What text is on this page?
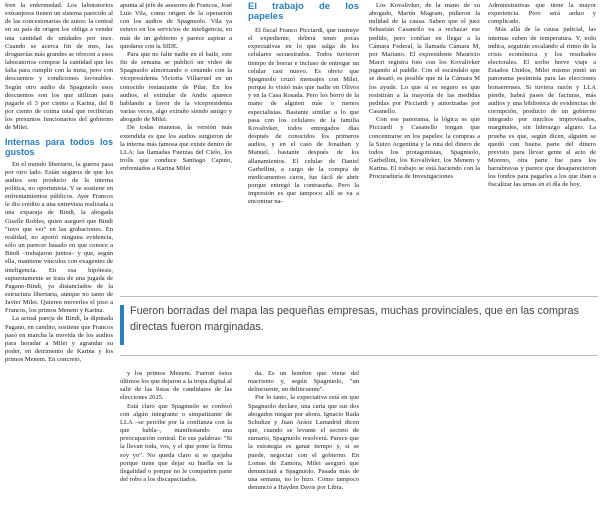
fren la enfermedad. Los laboratorios extranjeros tienen un sistema parecido al de las concesionarias de autos: la central en su país de origen los obliga a vender una cantidad de unidades por mes. Cuando se acerca fin de mes, las droguerías más grandes se ofrecen a esos laboratorios comprar la cantidad que les falta para cumplir con la meta, pero con descuentos y condiciones favorables. Según otro audio de Spagnuolo esos descuentos son los que utilizan para pagarle el 3 por ciento a Karina, del 8 por ciento de coima total que recibirían los presuntos funcionarios del gobierno de Milei.

Internas para todos los gustos

En el mundo libertario, la guerra pasa por otro lado. Están seguros de que los audios son producto de la interna política, no oportunista. Y se sostiene en enfrentamientos públicos. Ayer Francos le dio crédito a una entrevista realizada a una exparaja de Bindi, la abogada Giselle Robles, quien aseguró que Bindi "tuvo que ver" en las grabaciones. En realidad, no aportó ninguna evidencia, sólo un parecer basado en que conoce a Bindi –trabajaron juntos– y que, según ella, mantiene vínculos con exagentes de inteligencia. En esa hipótesis, supuestamente se trata de una jugada de Pagano-Bindi, ya distanciados de la estructura libertaria, aunque no tanto de Javier Milei. Quieren moverles el piso a Francos, los primos Menem y Karina.

La actual pareja de Bindi, la diputada Pagano, en cambio, sostiene que Francos pasó en marcha la movida de los audios para horadar a Milei y agrandar su poder, en detrimento de Karina y los primos Menem. En concreto,

apunta al jefe de asesores de Francos, José Luis Vila, como origen de la operación con los audios de Spagnuolo. Vila ya estuvo en los servicios de inteligencia, en más de un gobierno y parece aspirar a quedarse con la SIDE.

Para que no falte nadie en el baile, este fin de semana se publicó un video de Spagnuolo almorzando o cenando con la vicepresidenta Victoria Villarruel en un conocido restaurante de Pilar. En los audios, el extitular de Andis aparece hablando a favor de la vicepresidenta varias veces, algo extraño siendo amigo y abogado de Milei.

De todas maneras, la versión más extendida es que los audios surgieron de la interna más famosa que existe dentro de LLA: las llamadas Fuerzas del Cielo, los trolls que conduce Santiago Caputo, enfrentados a Karina Milei

El trabajo de los papeles

El fiscal Franco Picciardi, que instruye el expediente, deberá tener pocas expectativas en lo que salga de los celulares secuestrados. Todos tuvieron tiempo de borrar e incluso de entregar un celular casi nuevo. Es obvio que Spagnuolo cruzó mensajes con Milei, porque lo visitó más que nadie en Olivos y en la Casa Rosada. Pero los borró de la mano de alguien más o menos especialistas. Bastante similar a lo que pasa con los celulares de la familia Kovalivker, todos entregados días después de conocidos los primeros audios, y en el caso de Jonathan y Manuel, bastante después de los allanamientos. El celular de Daniel Garbellini, a cargo de la compra de medicamentos caros, fue fácil de abrir porque entregó la contraseña. Pero la impresión es que tampoco allí se va a encontrar na-

Los Kovalivker, de la mano de su abogado, Martín Magram, pidieron la nulidad de la causa. Saben que el juez Sebastián Casanello va a rechazar ese pedido, pero confían en llegar a la Cámara Federal, la llamada Cámara M, por Mariano. El expresidente Mauricio Macri registra foto con los Kovalivker jugando al paddle. Con el escándalo que se desató, es posible que ni la Cámara M los ayude. Lo que sí es seguro es que resistirán a la mayoría de las medidas pedidas por Picciardi y autorizadas por Casanello.

Con ese panorama, la lógica es que Picciardi y Casanello tengan que concentrarse en los papeles: la compras a la Suizo Argentina y la ruta del dinero de todos los protagonistas, Spagnuolo, Garbellini, los Kovalivker, los Menem y Karina. El trabajo se está haciendo con la Procuraduría de Investigaciones

Administrativas que tiene la mayor experiencia. Pero será arduo y complicado.

Más allá de la causa judicial, las internas suben de temperatura. Y, todo indica, seguirán escalando al ritmo de la crisis económica y los resultados electorales. El sorbo breve viaje a Estados Unidos, Milei mismo pintó un panorama pesimista para las elecciones bonaerenses. Si tuviera razón y LLA pierde, habrá pases de facturas, más audios y una biblioteca de evidencias de corrupción, producto de un gobierno integrado por muchos improvisados, marginales, sin liderazgo alguno. La prueba es que, según dicen, alguien se quedó con buena parte del dinero previsto para llevar gente al acto de Moreno, otra parte fue para los barrabravas y parece que desaparecieron los fondos para pagarles a los que iban a fiscalizar las urnas en el día de hoy.

Fueron borradas del mapa las pequeñas empresas, muchas provinciales, que en las compras directas fueron marginadas.

y los primos Menem. Fueron éstos últimos los que dejaron a la tropa digital al salir de las listas de candidatos de las elecciones 2025.

Está claro que Spagnuolo se confesó con algún integrante o simpatizante de LLA –se percibe por la confianza con la que habla–, manifestando una preocupación central. En sus palabras: "Si la llevan toda, vos, y el que pone la firma soy yo". No queda claro si se quejaba porque tiene que dejar su huella en la ilegalidad o porque no le comparten parte del robo a los discapacitados.

da. Es un hombre que viene del macrismo y, según Spagnuolo, "un delincuente, un delincuente".

Por lo tanto, la expectativa está en que Spagnuolo declare, una carta que sus dos abogados niegan por ahora. Ignacio Rada Schultze y Juan Aráoz Lamadrid dicen que, cuando se levante el secreto de sumario, Spagnuolo resolverá. Parece que la estrategia es ganar tiempo y, si se puede, negociar con el gobierno. En Lomas de Zamora, Milei aseguró que denunciará a Spagnuolo. Pasada más de una semana, no lo hizo. Como tampoco denunció a Hayden Davis por Libra.
